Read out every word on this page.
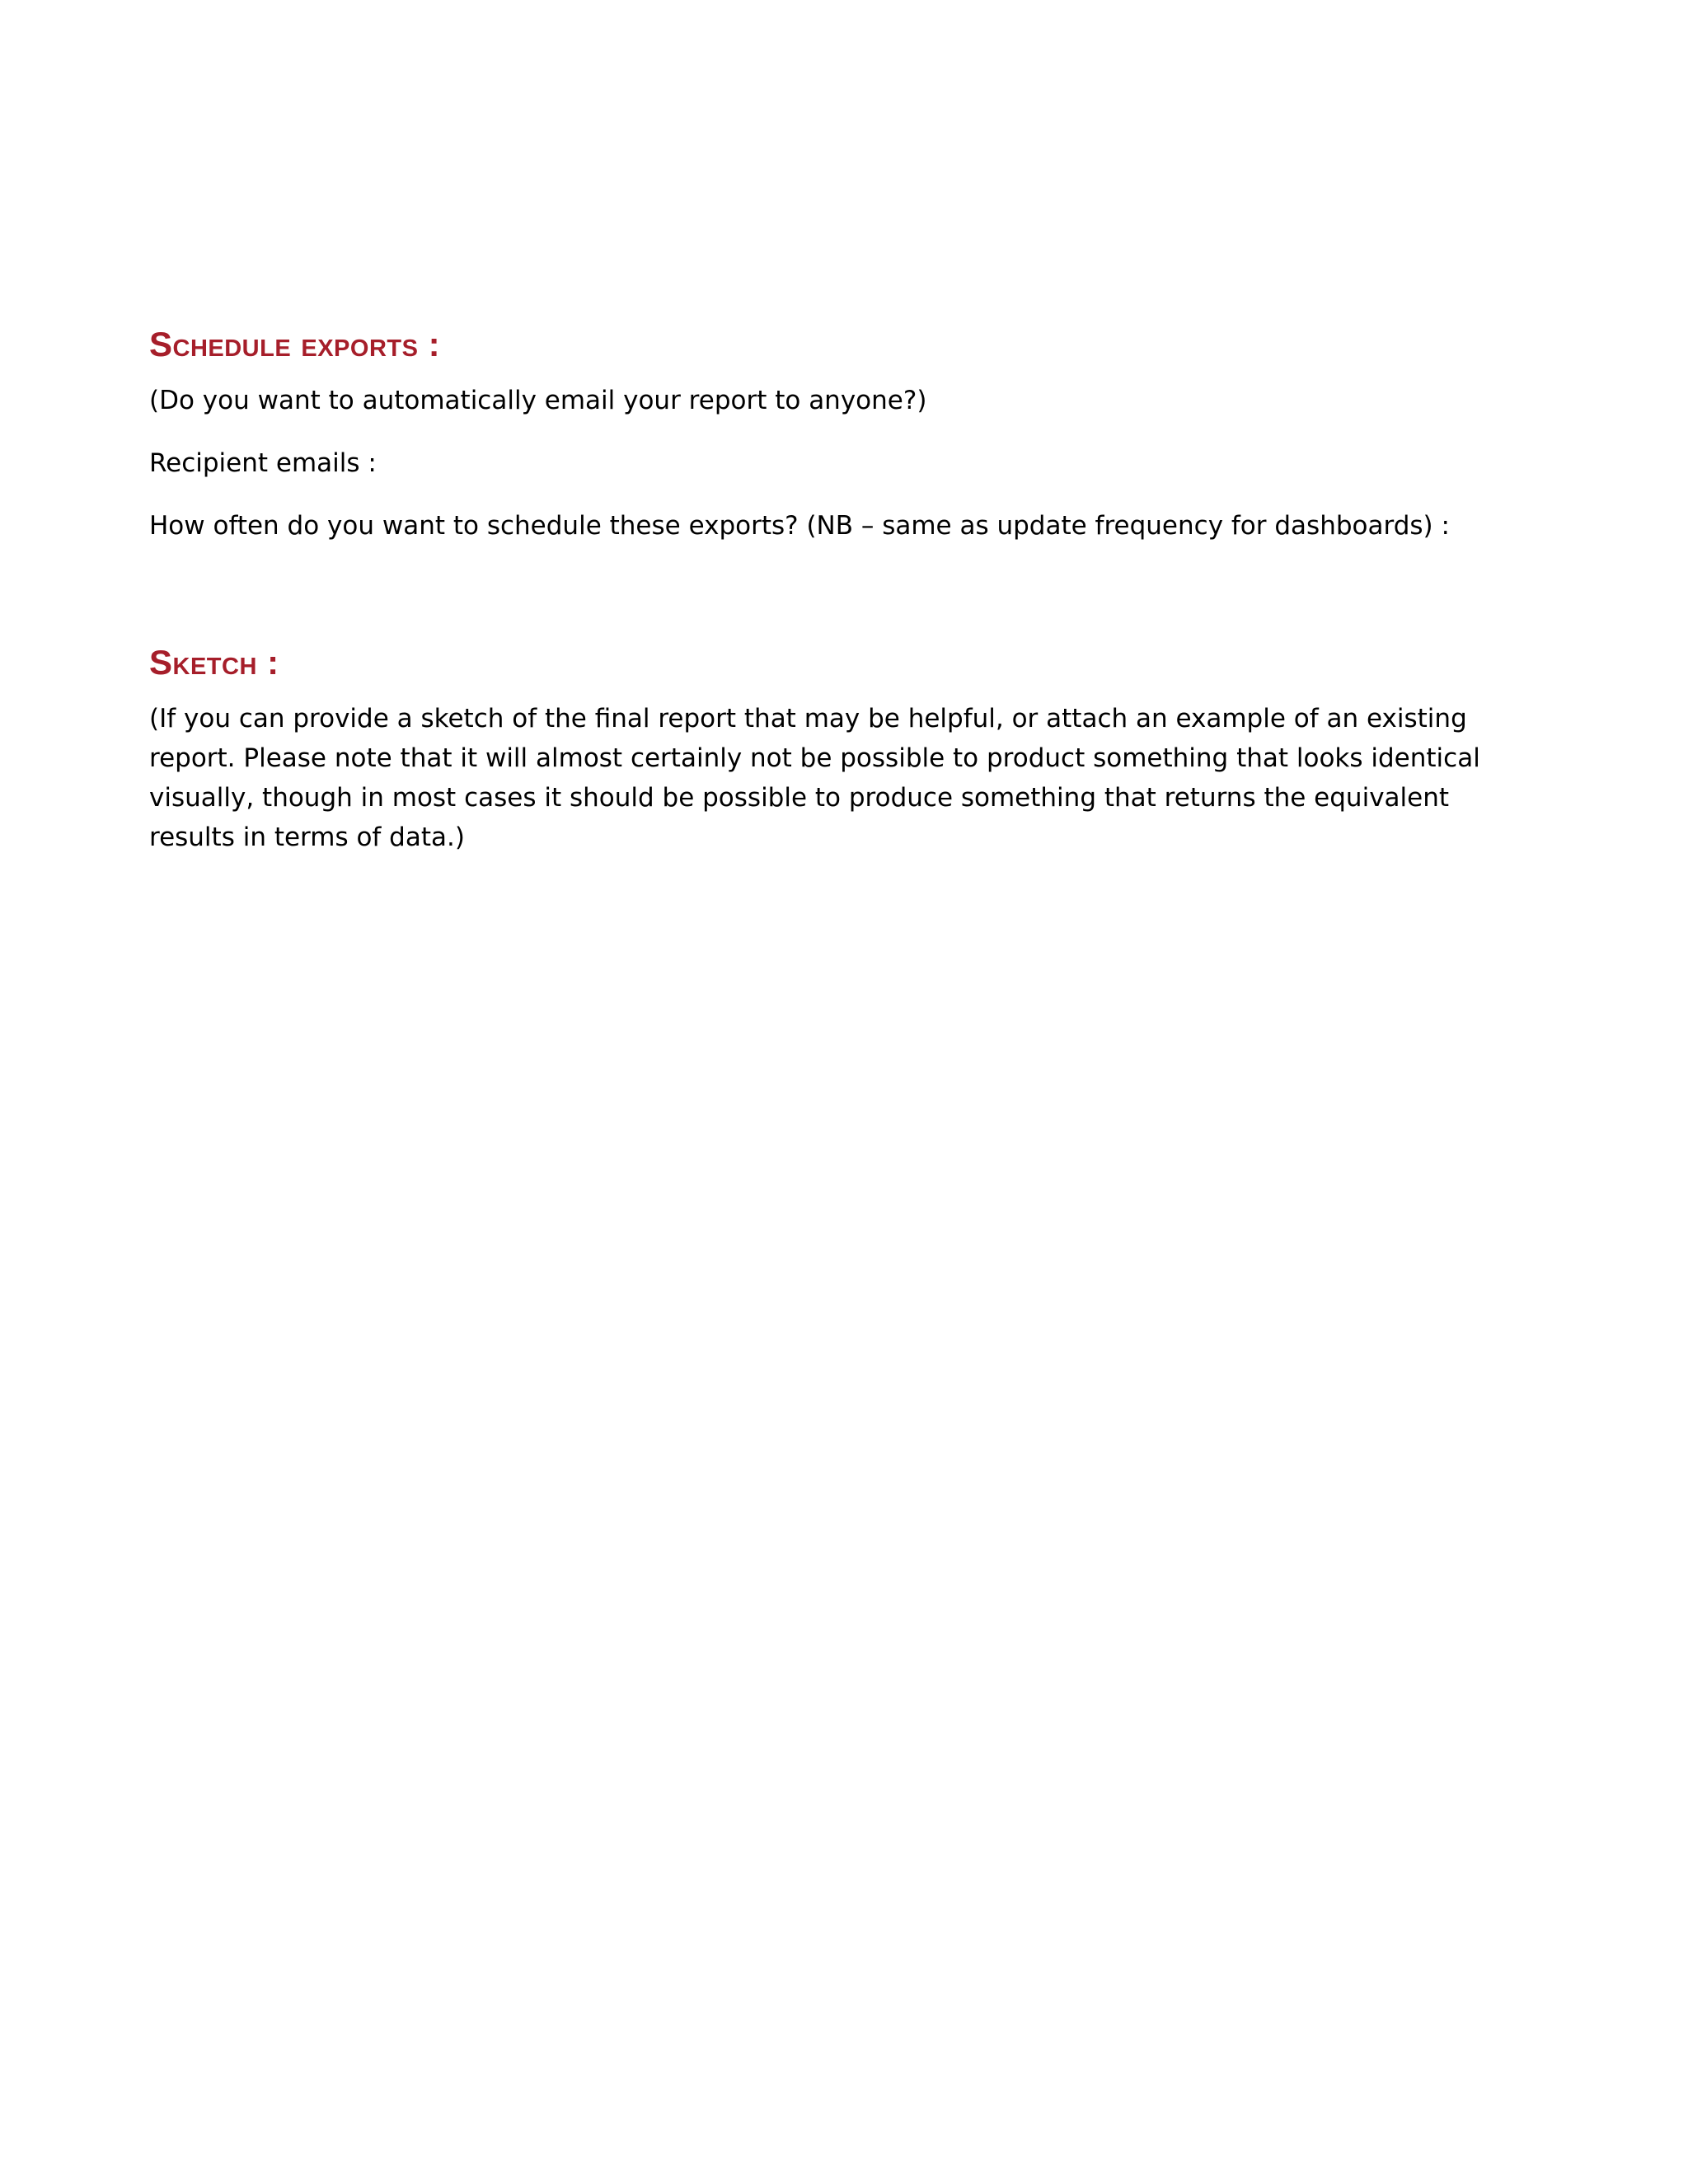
Schedule exports :

(Do you want to automatically email your report to anyone?)

Recipient emails :

How often do you want to schedule these exports? (NB – same as update frequency for dashboards) :

Sketch :

(If you can provide a sketch of the final report that may be helpful, or attach an example of an existing report. Please note that it will almost certainly not be possible to product something that looks identical visually, though in most cases it should be possible to produce something that returns the equivalent results in terms of data.)
